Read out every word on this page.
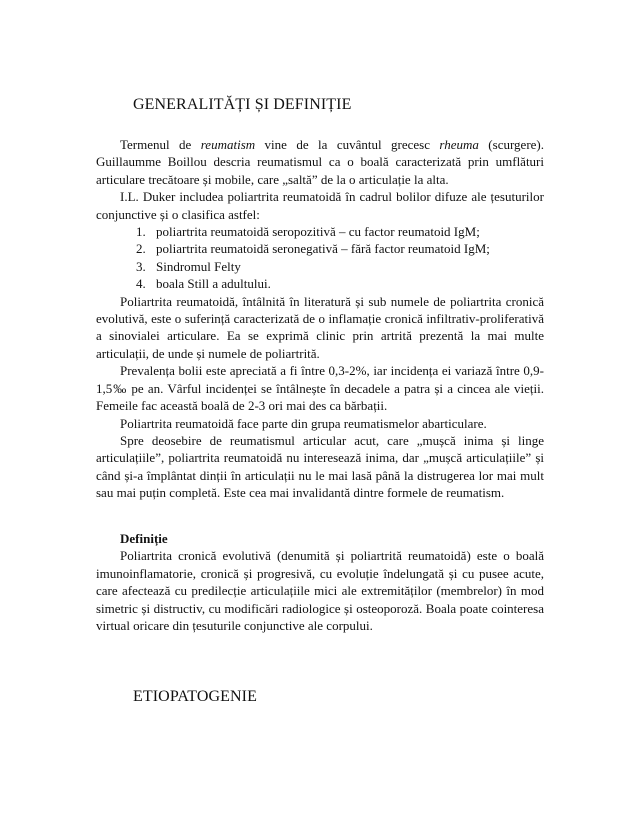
GENERALITĂȚI ȘI DEFINIȚIE

Termenul de reumatism vine de la cuvântul grecesc rheuma (scurgere). Guillaumme Boillou descria reumatismul ca o boală caracterizată prin umflături articulare trecătoare și mobile, care „saltă” de la o articulație la alta.

I.L. Duker includea poliartrita reumatoidă în cadrul bolilor difuze ale țesuturilor conjunctive și o clasifica astfel:

1. poliartrita reumatoidă seropozitivă – cu factor reumatoid IgM;
2. poliartrita reumatoidă seronegativă – fără factor reumatoid IgM;
3. Sindromul Felty
4. boala Still a adultului.

Poliartrita reumatoidă, întâlnită în literatură și sub numele de poliartrita cronică evolutivă, este o suferință caracterizată de o inflamație cronică infiltrativ-proliferativă a sinovialei articulare. Ea se exprimă clinic prin artrită prezentă la mai multe articulații, de unde și numele de poliartrită.

Prevalența bolii este apreciată a fi între 0,3-2%, iar incidența ei variază între 0,9-1,5‰ pe an. Vârful incidenței se întâlnește în decadele a patra și a cincea ale vieții. Femeile fac această boală de 2-3 ori mai des ca bărbații.

Poliartrita reumatoidă face parte din grupa reumatismelor abarticulare.

Spre deosebire de reumatismul articular acut, care „mușcă inima și linge articulațiile”, poliartrita reumatoidă nu interesează inima, dar „mușcă articulațiile” și când și-a împlântat dinții în articulații nu le mai lasă până la distrugerea lor mai mult sau mai puțin completă. Este cea mai invalidantă dintre formele de reumatism.

Definiție

Poliartrita cronică evolutivă (denumită și poliartrită reumatoidă) este o boală imunoinflamatorie, cronică și progresivă, cu evoluție îndelungată și cu pusee acute, care afectează cu predilecție articulațiile mici ale extremităților (membrelor) în mod simetric și distructiv, cu modificări radiologice și osteoporoză. Boala poate cointeresa virtual oricare din țesuturile conjunctive ale corpului.

ETIOPATOGENIE
